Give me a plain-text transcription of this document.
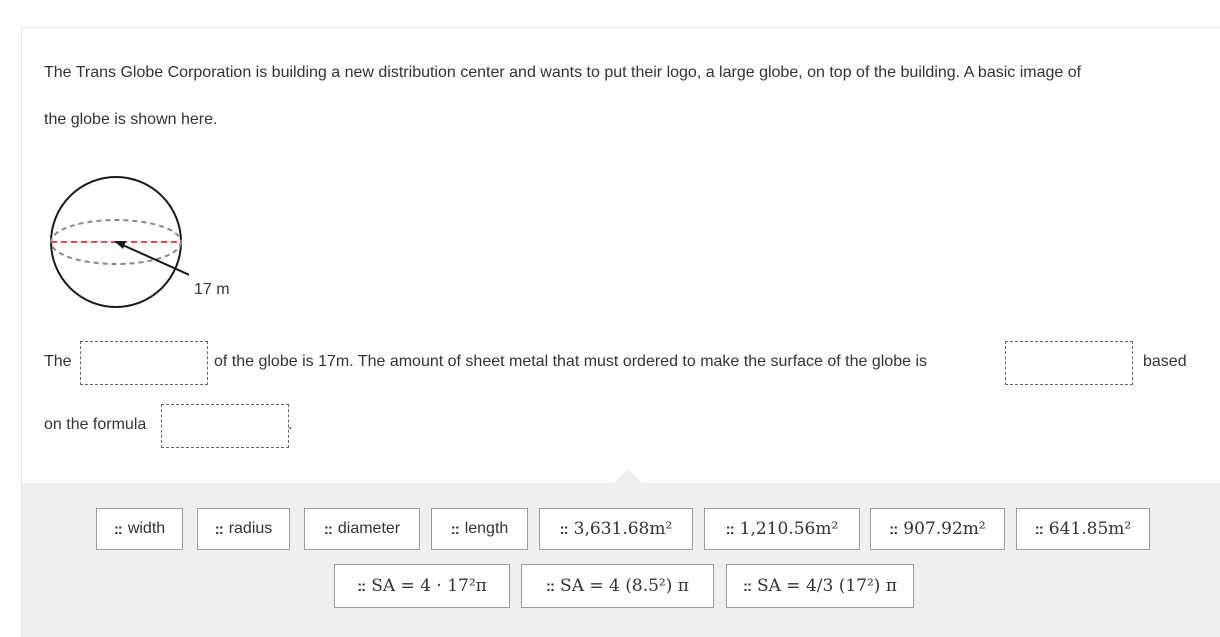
The Trans Globe Corporation is building a new distribution center and wants to put their logo, a large globe, on top of the building. A basic image of
the globe is shown here.
17 m
The	of the globe is 17m. The amount of sheet metal that must ordered to make the surface of the globe is	based
on the formula	.
:: width	:: radius	:: diameter	:: length	:: 3,631.68m²	:: 1,210.56m²	:: 907.92m²	:: 641.85m²
:: SA = 4 · 17²π	:: SA = 4 (8.5²) π	:: SA = 4/3 (17²) π
